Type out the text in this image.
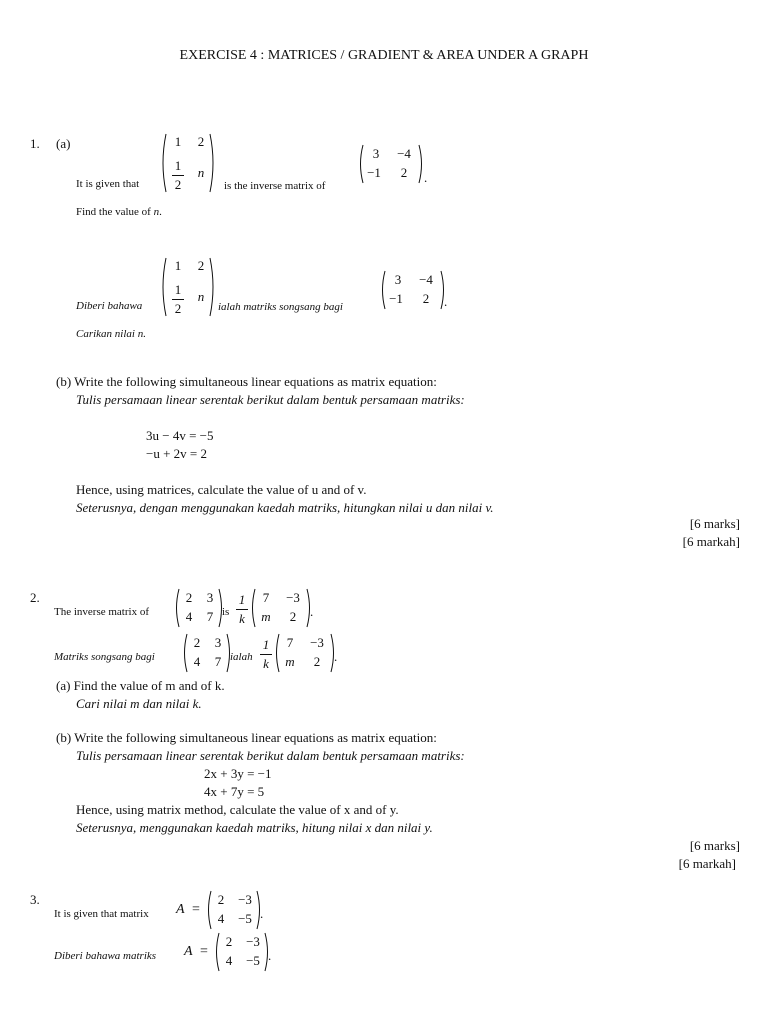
EXERCISE 4 : MATRICES / GRADIENT & AREA UNDER A GRAPH
1. (a)
It is given that
1 2
1
2
n
is the inverse matrix of
3 −4
−1 2 .
Find the value of n.
Diberi bahawa
1 2
1
2
n
ialah matriks songsang bagi
3 −4
−1 2 .
Carikan nilai n.
(b) Write the following simultaneous linear equations as matrix equation:
Tulis persamaan linear serentak berikut dalam bentuk persamaan matriks:
3u − 4v = −5
−u + 2v = 2
Hence, using matrices, calculate the value of u and of v.
Seterusnya, dengan menggunakan kaedah matriks, hitungkan nilai u dan nilai v.
[6 marks]
[6 markah]
2.
The inverse matrix of
2 3
4 7 is
1
k
7 −3
m 2 .
Matriks songsang bagi
2 3
4 7 ialah
1
k
7 −3
m 2 .
(a) Find the value of m and of k.
Cari nilai m dan nilai k.
(b) Write the following simultaneous linear equations as matrix equation:
Tulis persamaan linear serentak berikut dalam bentuk persamaan matriks:
2x + 3y = −1
4x + 7y = 5
Hence, using matrix method, calculate the value of x and of y.
Seterusnya, menggunakan kaedah matriks, hitung nilai x dan nilai y.
[6 marks]
[6 markah]
3.
It is given that matrix A =
2 −3
4 −5 .
Diberi bahawa matriks A =
2 −3
4 −5 .
